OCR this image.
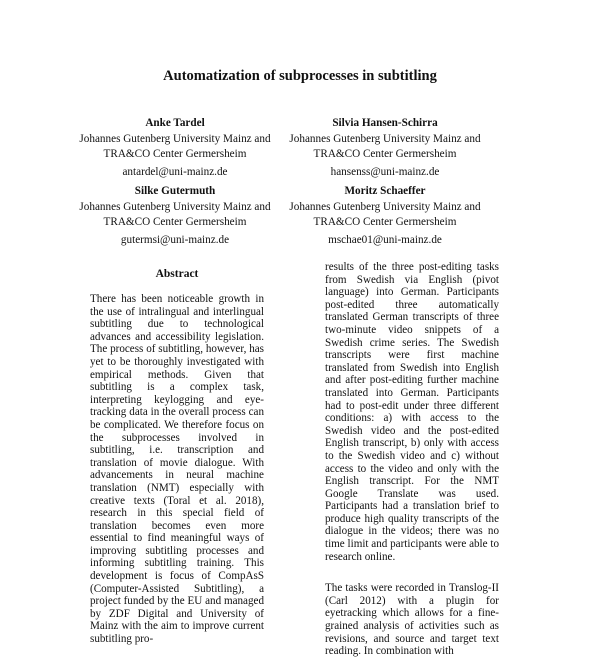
Automatization of subprocesses in subtitling
Anke Tardel
Johannes Gutenberg University Mainz and
TRA&CO Center Germersheim
antardel@uni-mainz.de
Silvia Hansen-Schirra
Johannes Gutenberg University Mainz and
TRA&CO Center Germersheim
hansenss@uni-mainz.de
Silke Gutermuth
Johannes Gutenberg University Mainz and
TRA&CO Center Germersheim
gutermsi@uni-mainz.de
Moritz Schaeffer
Johannes Gutenberg University Mainz and
TRA&CO Center Germersheim
mschae01@uni-mainz.de
Abstract

There has been noticeable growth in the use of intralingual and interlingual subtitling due to technological advances and accessibility legislation. The process of subtitling, however, has yet to be thoroughly investigated with empirical methods. Given that subtitling is a complex task, interpreting keylogging and eye-tracking data in the overall process can be complicated. We therefore focus on the subprocesses involved in subtitling, i.e. transcription and translation of movie dialogue. With advancements in neural machine translation (NMT) especially with creative texts (Toral et al. 2018), research in this special field of translation becomes even more essential to find meaningful ways of improving subtitling processes and informing subtitling training. This development is focus of CompAsS (Computer-Assisted Subtitling), a project funded by the EU and managed by ZDF Digital and University of Mainz with the aim to improve current subtitling pro-

results of the three post-editing tasks from Swedish via English (pivot language) into German. Participants post-edited three automatically translated German transcripts of three two-minute video snippets of a Swedish crime series. The Swedish transcripts were first machine translated from Swedish into English and after post-editing further machine translated into German. Participants had to post-edit under three different conditions: a) with access to the Swedish video and the post-edited English transcript, b) only with access to the Swedish video and c) without access to the video and only with the English transcript. For the NMT Google Translate was used. Participants had a translation brief to produce high quality transcripts of the dialogue in the videos; there was no time limit and participants were able to research online.

The tasks were recorded in Translog-II (Carl 2012) with a plugin for eyetracking which allows for a fine-grained analysis of activities such as revisions, and source and target text reading. In combination with
